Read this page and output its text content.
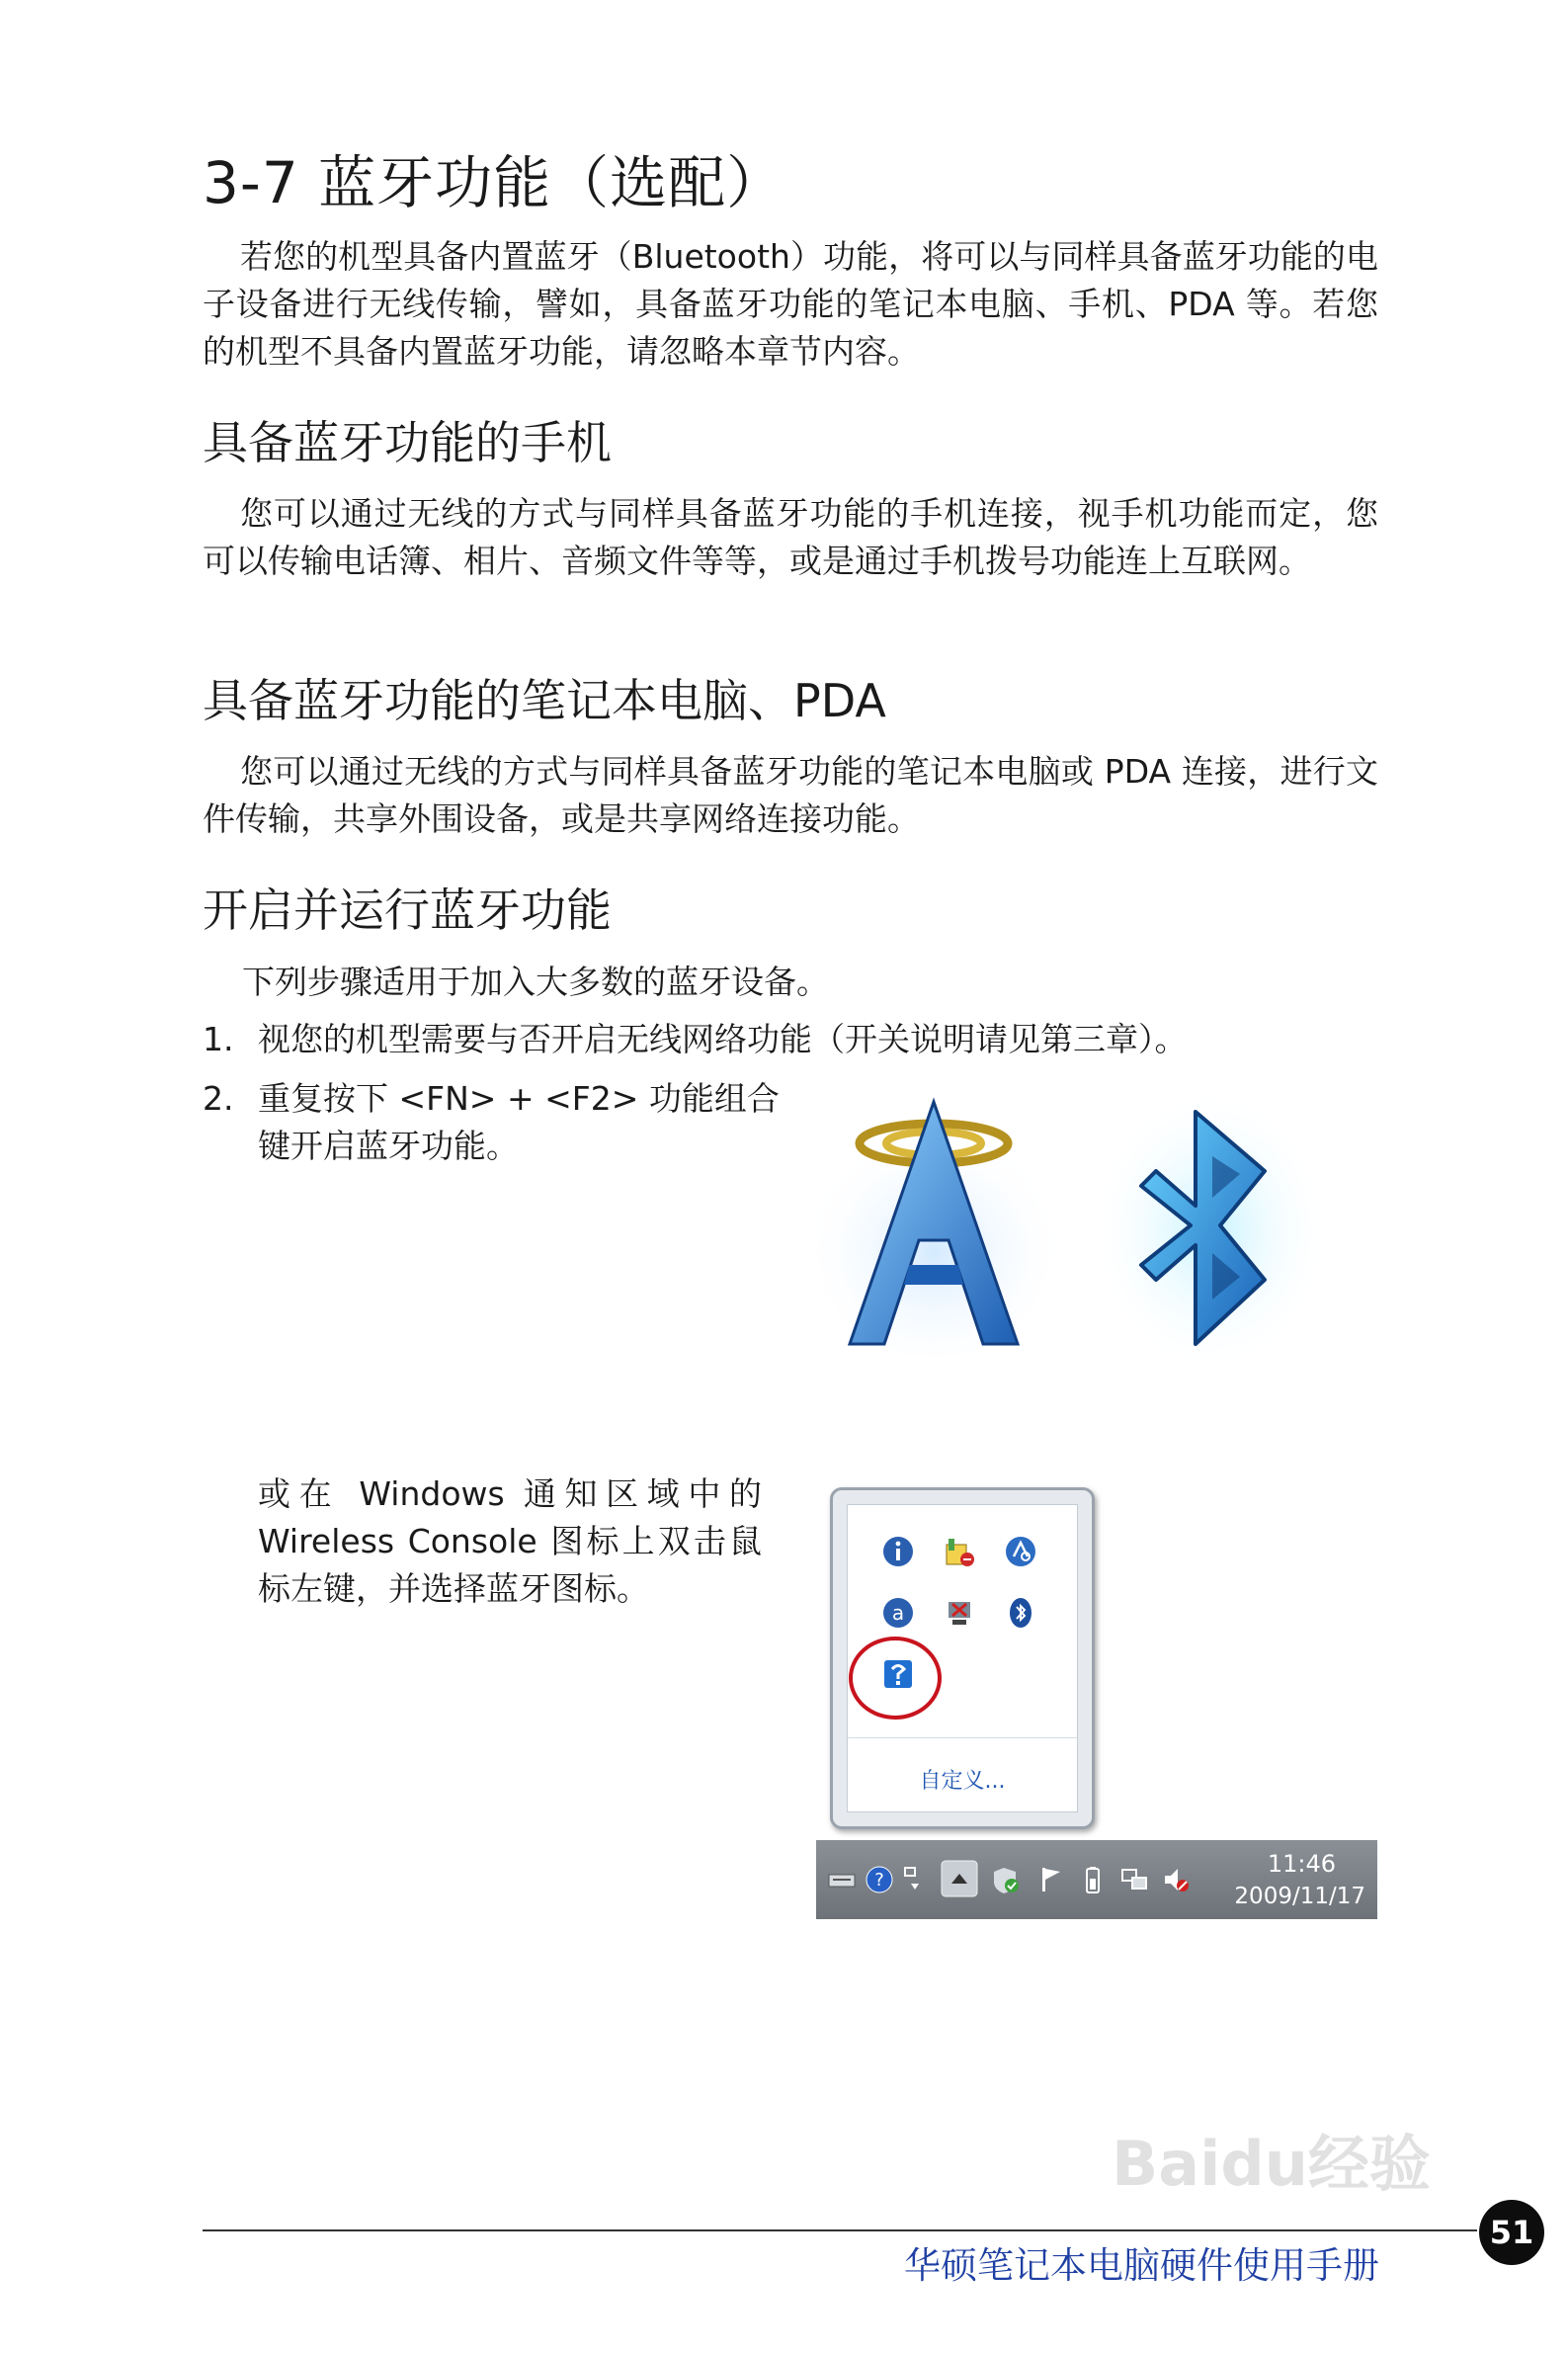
3-7 蓝牙功能（选配）
若您的机型具备内置蓝牙（Bluetooth）功能，将可以与同样具备蓝牙功能的电子设备进行无线传输，譬如，具备蓝牙功能的笔记本电脑、手机、PDA 等。若您的机型不具备内置蓝牙功能，请忽略本章节内容。
具备蓝牙功能的手机
您可以通过无线的方式与同样具备蓝牙功能的手机连接，视手机功能而定，您可以传输电话簿、相片、音频文件等等，或是通过手机拨号功能连上互联网。
具备蓝牙功能的笔记本电脑、PDA
您可以通过无线的方式与同样具备蓝牙功能的笔记本电脑或 PDA 连接，进行文件传输，共享外围设备，或是共享网络连接功能。
开启并运行蓝牙功能
下列步骤适用于加入大多数的蓝牙设备。
1. 视您的机型需要与否开启无线网络功能（开关说明请见第三章）。
2. 重复按下 <FN> + <F2> 功能组合键开启蓝牙功能。
或在 Windows 通知区域中的 Wireless Console 图标上双击鼠标左键，并选择蓝牙图标。
a
自定义...
?
11:46
2009/11/17
Baidu经验
华硕笔记本电脑硬件使用手册
51
